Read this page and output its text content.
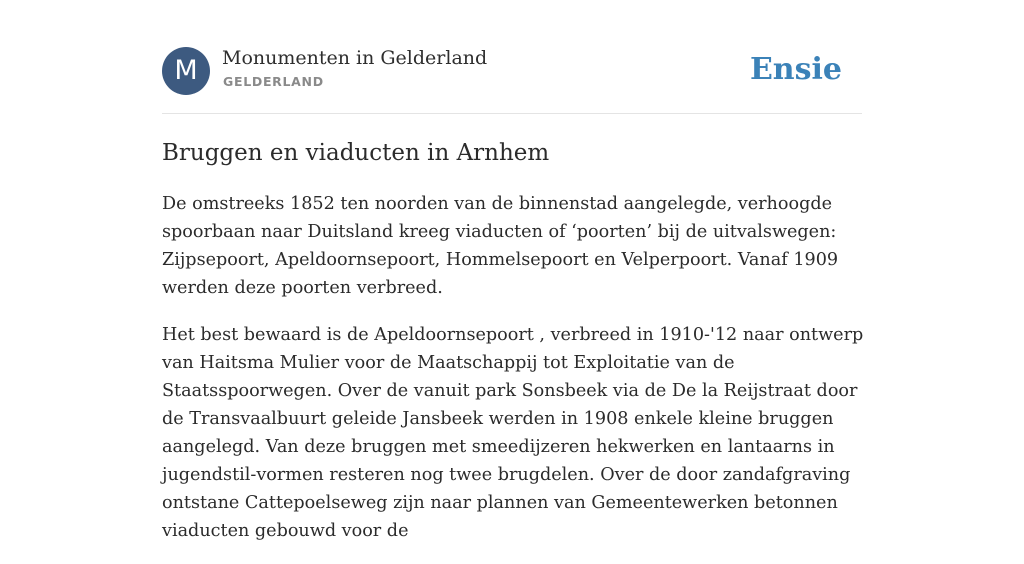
M	Monumenten in Gelderland
GELDERLAND	Ensie
Bruggen en viaducten in Arnhem

De omstreeks 1852 ten noorden van de binnenstad aangelegde, verhoogde spoorbaan naar Duitsland kreeg viaducten of ‘poorten’ bij de uitvalswegen: Zijpsepoort, Apeldoornsepoort, Hommelsepoort en Velperpoort. Vanaf 1909 werden deze poorten verbreed.

Het best bewaard is de Apeldoornsepoort , verbreed in 1910-'12 naar ontwerp van Haitsma Mulier voor de Maatschappij tot Exploitatie van de Staatsspoorwegen. Over de vanuit park Sonsbeek via de De la Reijstraat door de Transvaalbuurt geleide Jansbeek werden in 1908 enkele kleine bruggen aangelegd. Van deze bruggen met smeedijzeren hekwerken en lantaarns in jugendstil-vormen resteren nog twee brugdelen. Over de door zandafgraving ontstane Cattepoelseweg zijn naar plannen van Gemeentewerken betonnen viaducten gebouwd voor de
